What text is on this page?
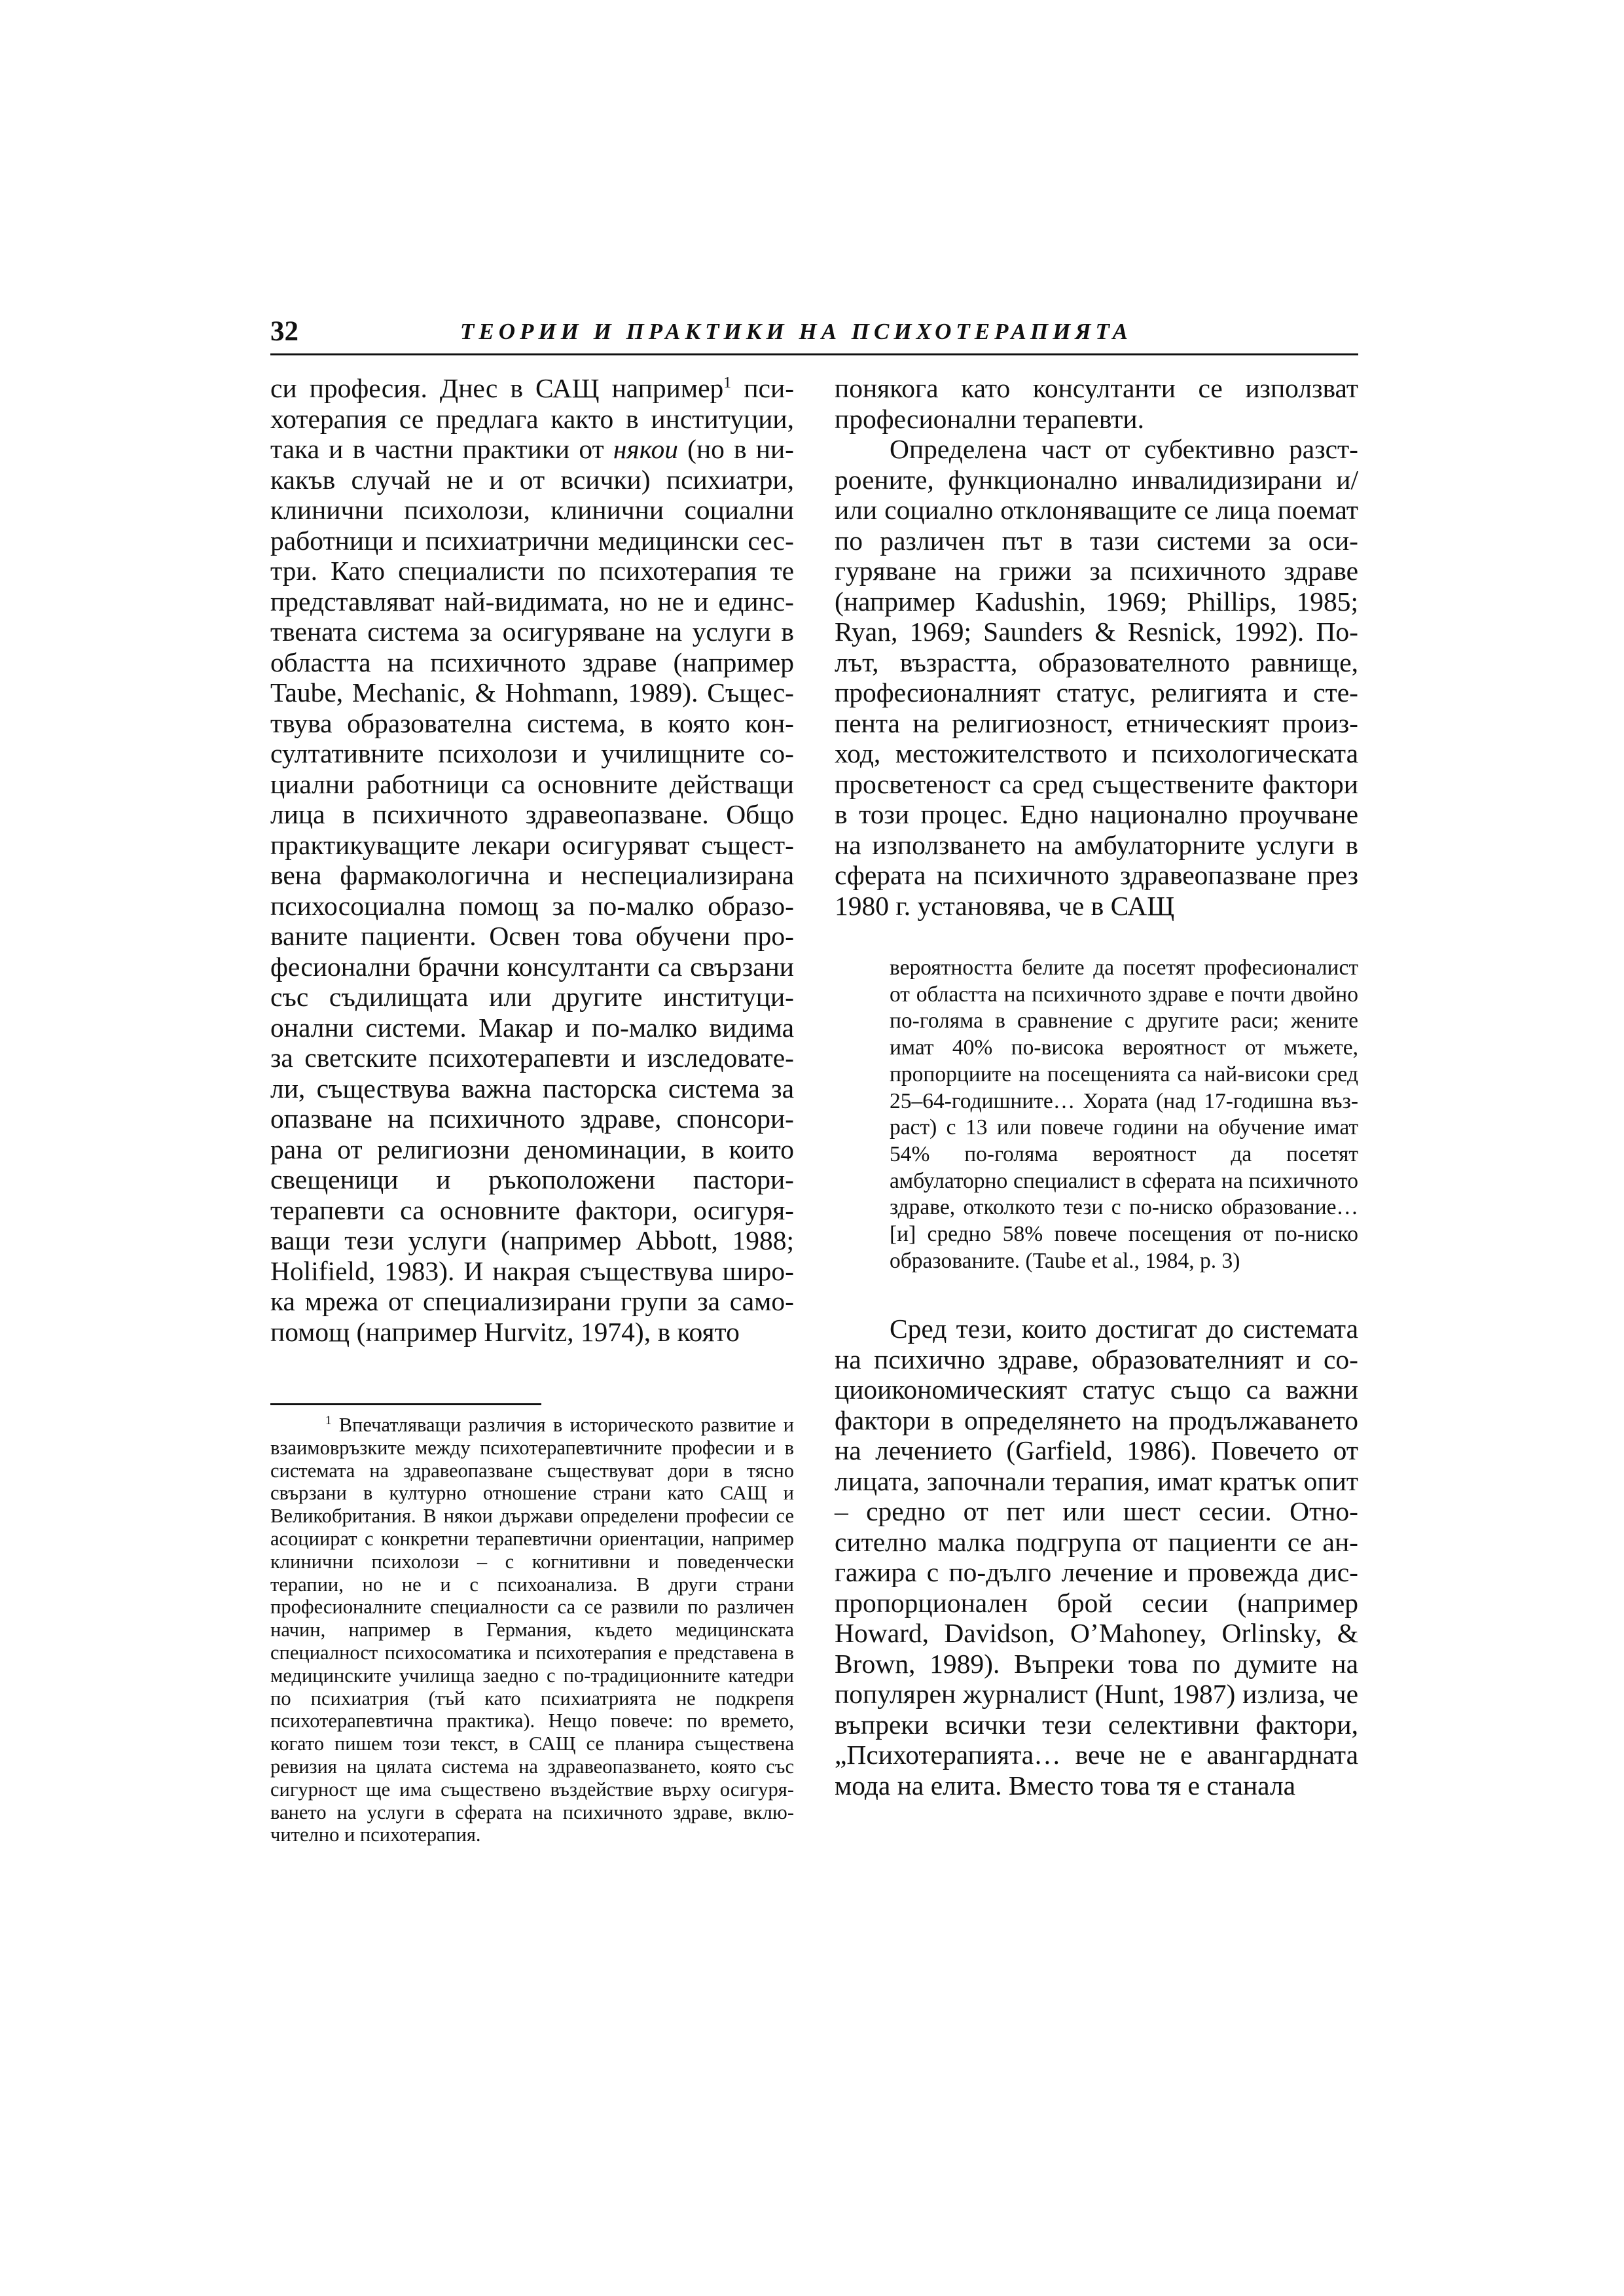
32	ТЕОРИИ И ПРАКТИКИ НА ПСИХОТЕРАПИЯТА

си професия. Днес в САЩ например$^1$ психотерапия се предлага както в институции, така и в частни практики от някои (но в никакъв случай не и от всички) психиатри, клинични психолози, клинични социални работници и психиатрични медицински сестри. Като специалисти по психотерапия те представляват най-видимата, но не и единствената система за осигуряване на услуги в областта на психичното здраве (например Taube, Mechanic, & Hohmann, 1989). Съществува образователна система, в която консултативните психолози и училищните социални работници са основните действащи лица в психичното здравеопазване. Общо практикуващите лекари осигуряват съществена фармакологична и неспециализирана психосоциална помощ за по-малко образованите пациенти. Освен това обучени професионални брачни консултанти са свързани със съдилищата или другите институционални системи. Макар и по-малко видима за светските психотерапевти и изследователи, съществува важна пасторска система за опазване на психичното здраве, спонсорирана от религиозни деноминации, в които свещеници и ръкоположени пасторитерапевти са основните фактори, осигуряващи тези услуги (например Abbott, 1988; Holifield, 1983). И накрая съществува широка мрежа от специализирани групи за самопомощ (например Hurvitz, 1974), в която

$^1$ Впечатляващи различия в историческото развитие и взаимовръзките между психотерапевтичните професии и в системата на здравеопазване съществуват дори в тясно свързани в културно отношение страни като САЩ и Великобритания. В някои държави определени професии се асоциират с конкретни терапевтични ориентации, например клинични психолози – с когнитивни и поведенчески терапии, но не и с психоанализа. В други страни професионалните специалности са се развили по различен начин, например в Германия, където медицинската специалност психосоматика и психотерапия е представена в медицинските училища заедно с по-традиционните катедри по психиатрия (тъй като психиатрията не подкрепя психотерапевтична практика). Нещо повече: по времето, когато пишем този текст, в САЩ се планира съществена ревизия на цялата система на здравеопазването, която със сигурност ще има съществено въздействие върху осигуряването на услуги в сферата на психичното здраве, включително и психотерапия.

понякога като консултанти се използват професионални терапевти.

Определена част от субективно разстроените, функционално инвалидизирани и/или социално отклоняващите се лица поемат по различен път в тази системи за осигуряване на грижи за психичното здраве (например Kadushin, 1969; Phillips, 1985; Ryan, 1969; Saunders & Resnick, 1992). Полът, възрастта, образователното равнище, професионалният статус, религията и степента на религиозност, етническият произход, местожителството и психологическата просветеност са сред съществените фактори в този процес. Едно национално проучване на използването на амбулаторните услуги в сферата на психичното здравеопазване през 1980 г. установява, че в САЩ

вероятността белите да посетят професионалист от областта на психичното здраве е почти двойно по-голяма в сравнение с другите раси; жените имат 40% по-висока вероятност от мъжете, пропорциите на посещенията са най-високи сред 25–64-годишните… Хората (над 17-годишна възраст) с 13 или повече години на обучение имат 54% по-голяма вероятност да посетят амбулаторно специалист в сферата на психичното здраве, отколкото тези с по-ниско образование… [и] средно 58% повече посещения от по-ниско образованите. (Taube et al., 1984, p. 3)

Сред тези, които достигат до системата на психично здраве, образователният и социоикономическият статус също са важни фактори в определянето на продължаването на лечението (Garfield, 1986). Повечето от лицата, започнали терапия, имат кратък опит – средно от пет или шест сесии. Относително малка подгрупа от пациенти се ангажира с по-дълго лечение и провежда диспропорционален брой сесии (например Howard, Davidson, O’Mahoney, Orlinsky, & Brown, 1989). Въпреки това по думите на популярен журналист (Hunt, 1987) излиза, че въпреки всички тези селективни фактори, „Психотерапията… вече не е авангардната мода на елита. Вместо това тя е станала
